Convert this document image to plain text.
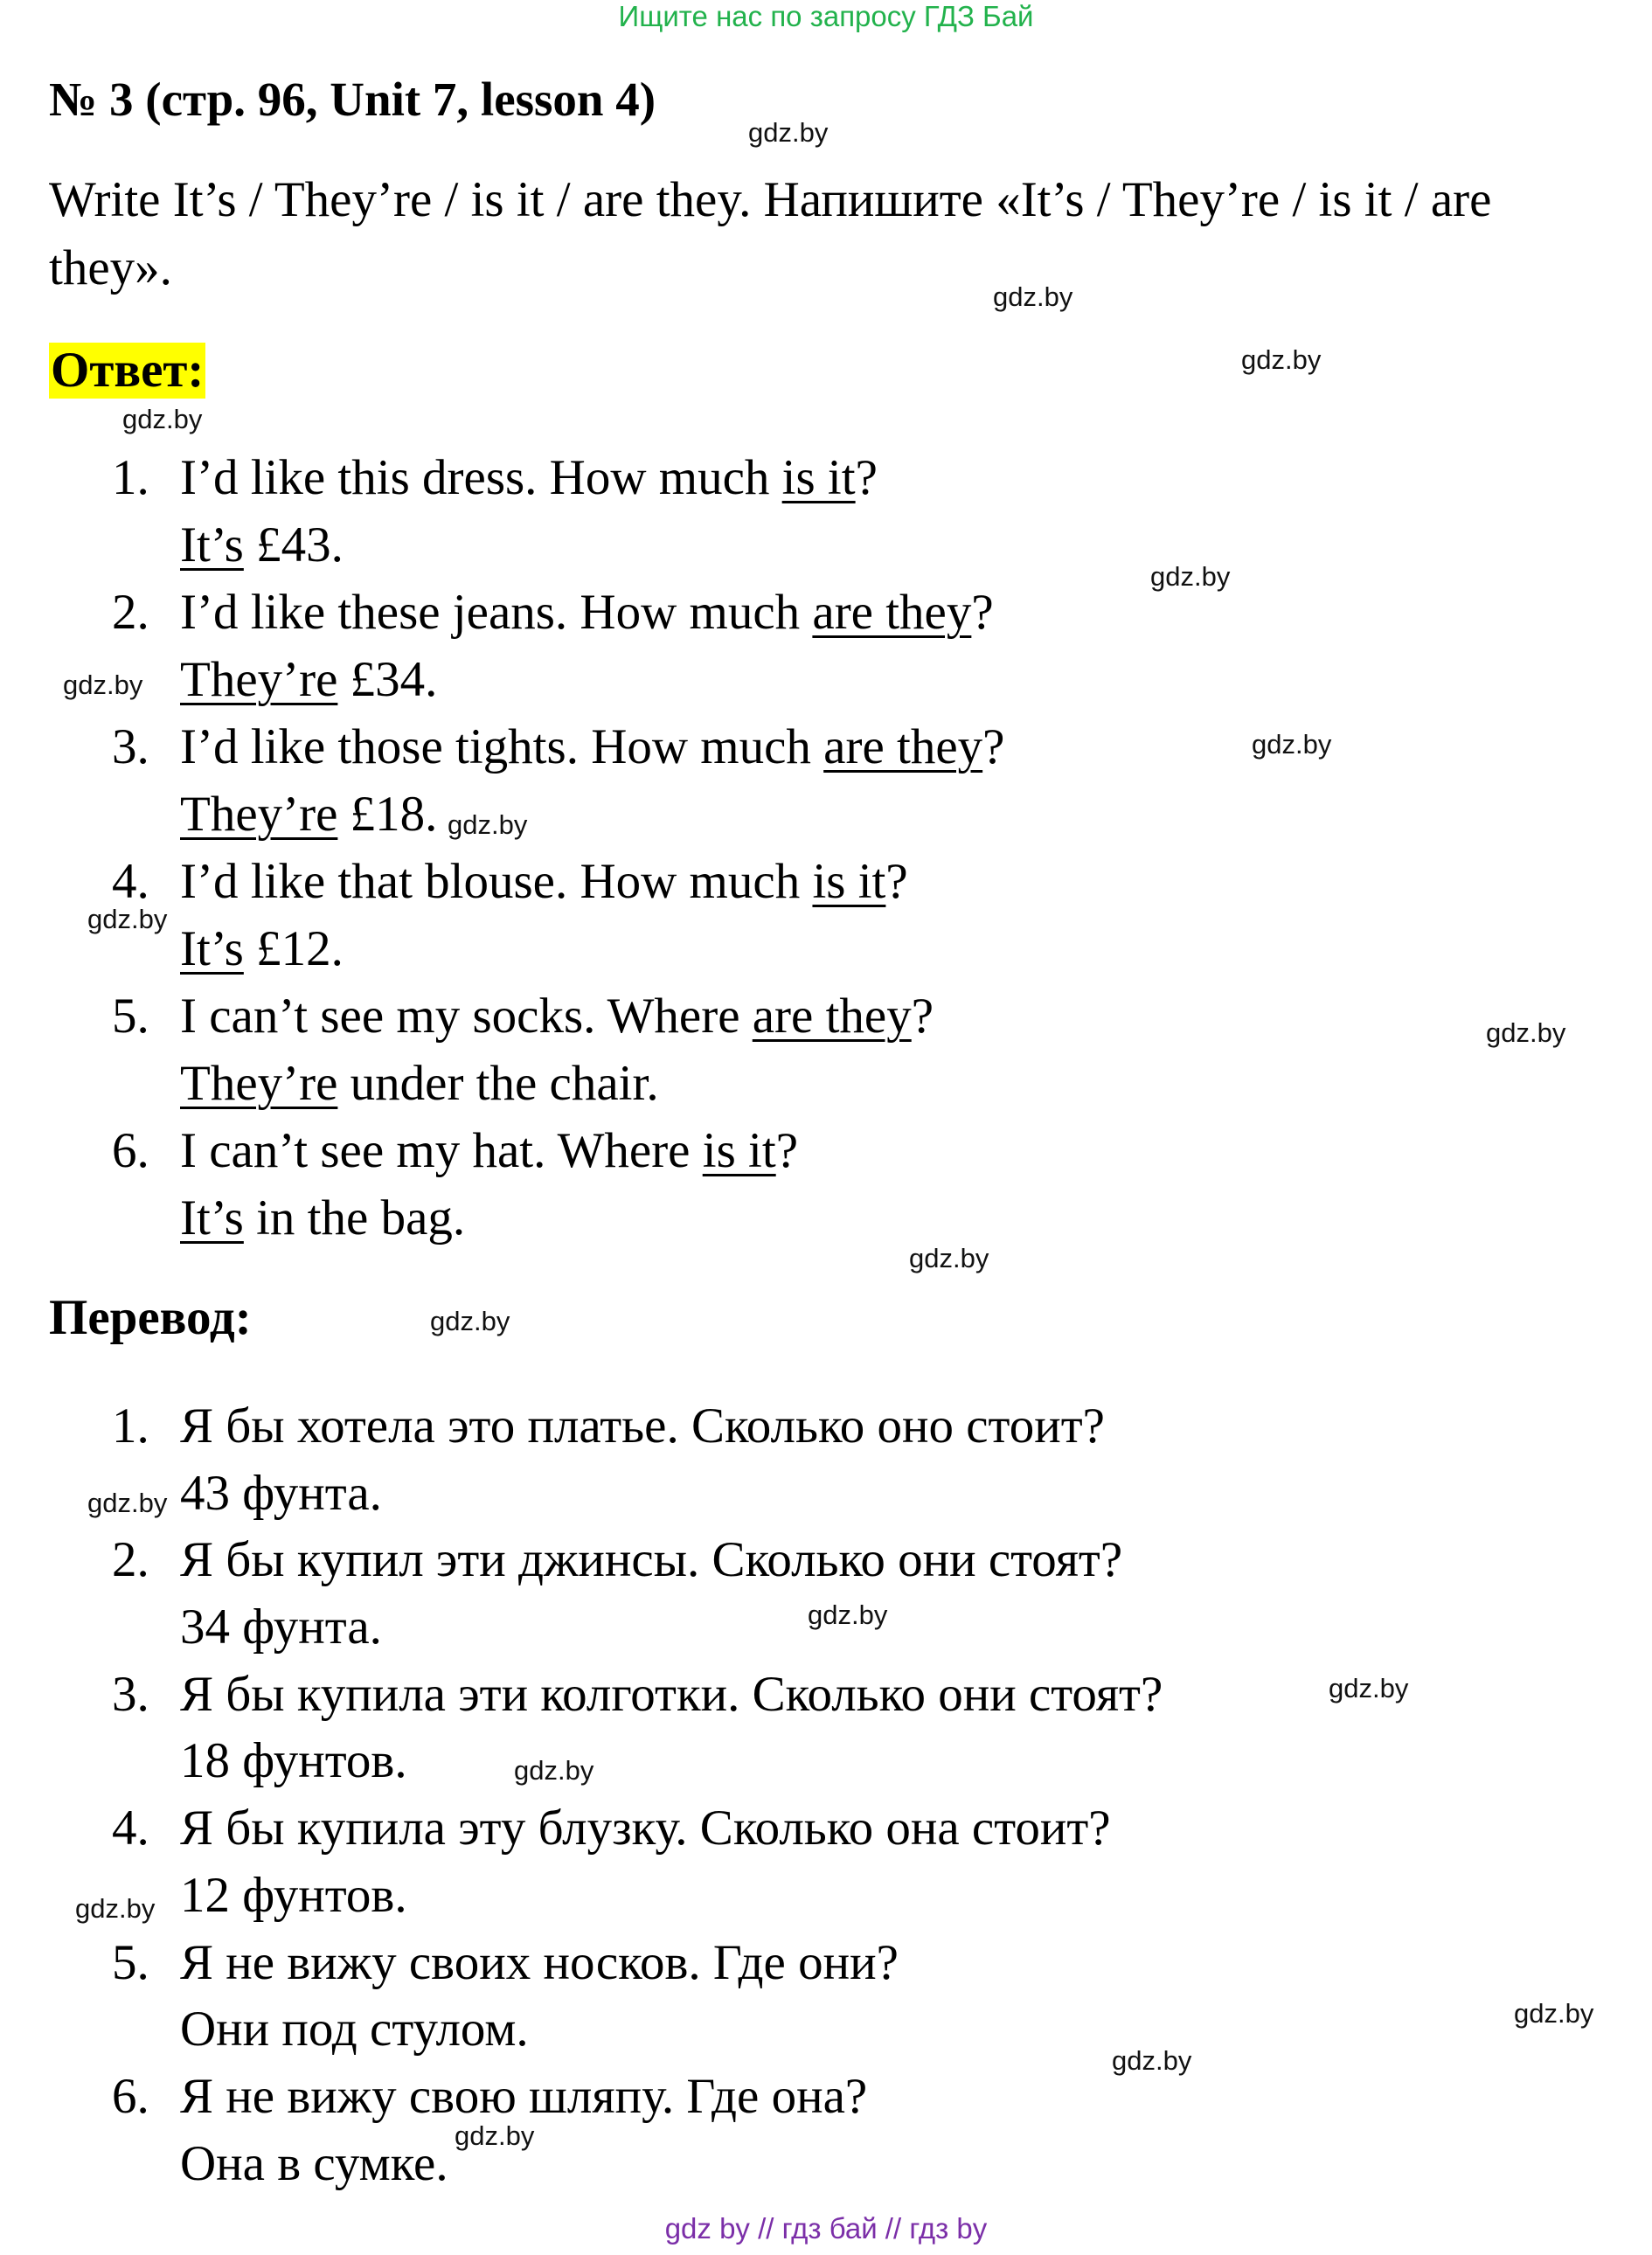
Ищите нас по запросу ГДЗ Бай
№ 3 (стр. 96, Unit 7, lesson 4)
Write It’s / They’re / is it / are they. Напишите «It’s / They’re / is it / are they».
Ответ:
1. I’d like this dress. How much is it?
It’s £43.
2. I’d like these jeans. How much are they?
They’re £34.
3. I’d like those tights. How much are they?
They’re £18.
4. I’d like that blouse. How much is it?
It’s £12.
5. I can’t see my socks. Where are they?
They’re under the chair.
6. I can’t see my hat. Where is it?
It’s in the bag.
Перевод:
1. Я бы хотела это платье. Сколько оно стоит?
43 фунта.
2. Я бы купил эти джинсы. Сколько они стоят?
34 фунта.
3. Я бы купила эти колготки. Сколько они стоят?
18 фунтов.
4. Я бы купила эту блузку. Сколько она стоит?
12 фунтов.
5. Я не вижу своих носков. Где они?
Они под стулом.
6. Я не вижу свою шляпу. Где она?
Она в сумке.
gdz.by
gdz.by
gdz.by
gdz.by
gdz.by
gdz.by
gdz.by
gdz.by
gdz.by
gdz.by
gdz.by
gdz.by
gdz.by
gdz.by
gdz.by
gdz.by
gdz.by
gdz.by
gdz.by
gdz.by
gdz by // гдз бай // гдз by
